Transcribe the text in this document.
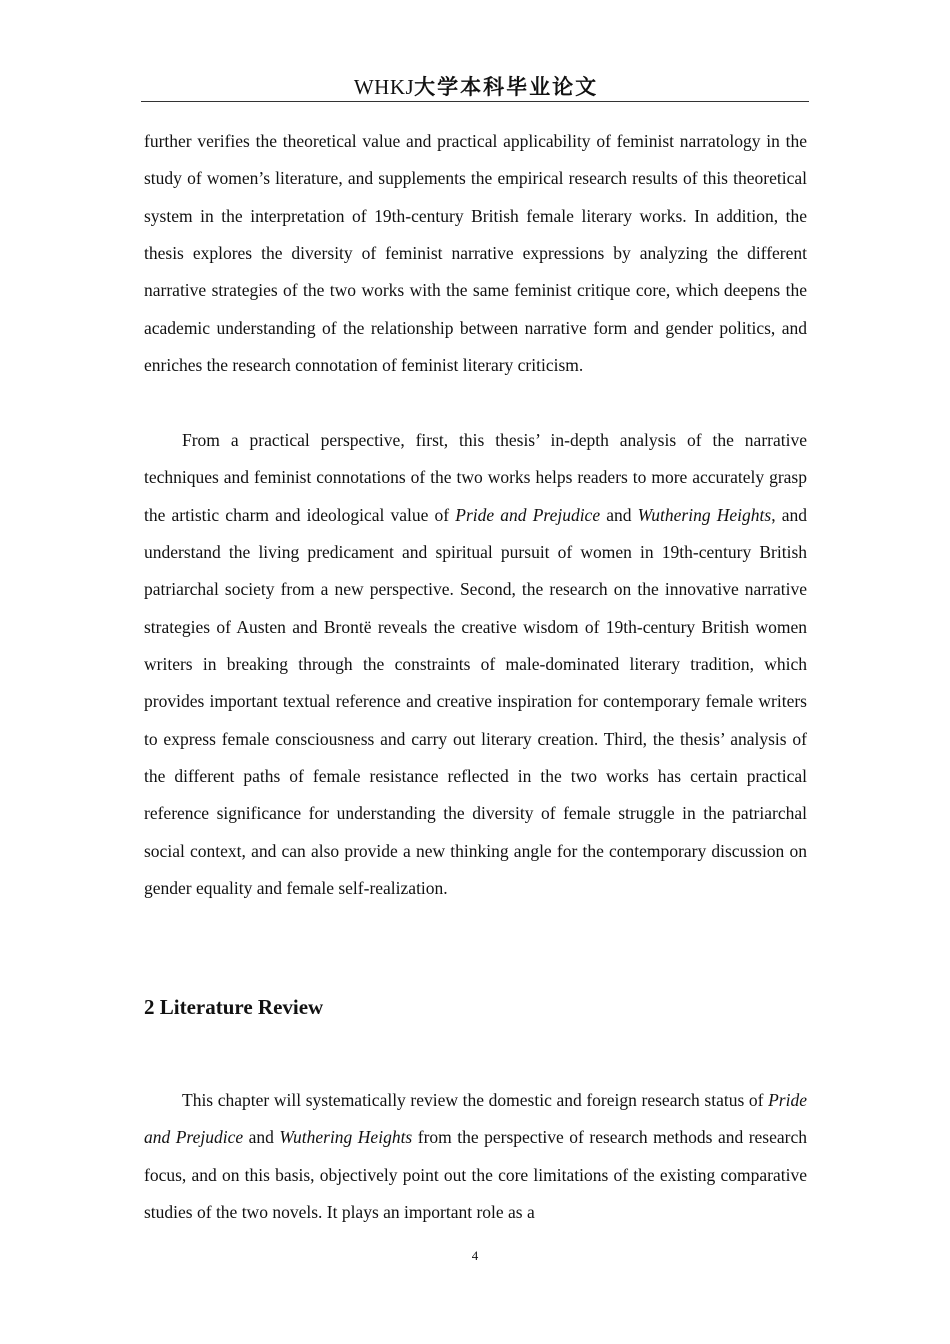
WHKJ大学本科毕业论文

further verifies the theoretical value and practical applicability of feminist narratology in the study of women’s literature, and supplements the empirical research results of this theoretical system in the interpretation of 19th-century British female literary works. In addition, the thesis explores the diversity of feminist narrative expressions by analyzing the different narrative strategies of the two works with the same feminist critique core, which deepens the academic understanding of the relationship between narrative form and gender politics, and enriches the research connotation of feminist literary criticism.

From a practical perspective, first, this thesis’ in-depth analysis of the narrative techniques and feminist connotations of the two works helps readers to more accurately grasp the artistic charm and ideological value of Pride and Prejudice and Wuthering Heights, and understand the living predicament and spiritual pursuit of women in 19th-century British patriarchal society from a new perspective. Second, the research on the innovative narrative strategies of Austen and Brontë reveals the creative wisdom of 19th-century British women writers in breaking through the constraints of male-dominated literary tradition, which provides important textual reference and creative inspiration for contemporary female writers to express female consciousness and carry out literary creation. Third, the thesis’ analysis of the different paths of female resistance reflected in the two works has certain practical reference significance for understanding the diversity of female struggle in the patriarchal social context, and can also provide a new thinking angle for the contemporary discussion on gender equality and female self-realization.

2 Literature Review

This chapter will systematically review the domestic and foreign research status of Pride and Prejudice and Wuthering Heights from the perspective of research methods and research focus, and on this basis, objectively point out the core limitations of the existing comparative studies of the two novels. It plays an important role as a

4
